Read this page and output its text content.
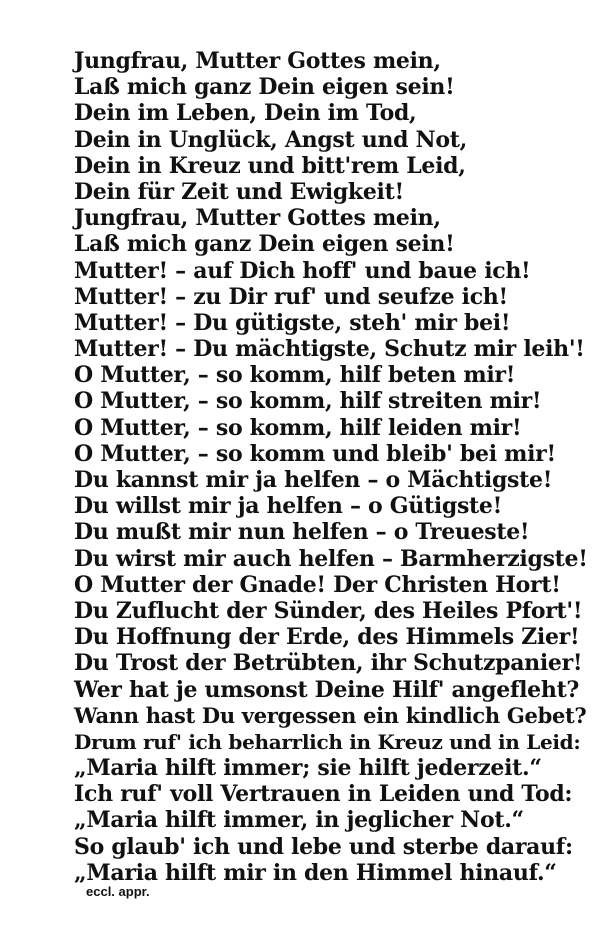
Jungfrau, Mutter Gottes mein,
Laß mich ganz Dein eigen sein!
Dein im Leben, Dein im Tod,
Dein in Unglück, Angst und Not,
Dein in Kreuz und bitt'rem Leid,
Dein für Zeit und Ewigkeit!
Jungfrau, Mutter Gottes mein,
Laß mich ganz Dein eigen sein!
Mutter! – auf Dich hoff' und baue ich!
Mutter! – zu Dir ruf' und seufze ich!
Mutter! – Du gütigste, steh' mir bei!
Mutter! – Du mächtigste, Schutz mir leih'!
O Mutter, – so komm, hilf beten mir!
O Mutter, – so komm, hilf streiten mir!
O Mutter, – so komm, hilf leiden mir!
O Mutter, – so komm und bleib' bei mir!
Du kannst mir ja helfen – o Mächtigste!
Du willst mir ja helfen – o Gütigste!
Du mußt mir nun helfen – o Treueste!
Du wirst mir auch helfen – Barmherzigste!
O Mutter der Gnade! Der Christen Hort!
Du Zuflucht der Sünder, des Heiles Pfort'!
Du Hoffnung der Erde, des Himmels Zier!
Du Trost der Betrübten, ihr Schutzpanier!
Wer hat je umsonst Deine Hilf' angefleht?
Wann hast Du vergessen ein kindlich Gebet?
Drum ruf' ich beharrlich in Kreuz und in Leid:
„Maria hilft immer; sie hilft jederzeit.“
Ich ruf' voll Vertrauen in Leiden und Tod:
„Maria hilft immer, in jeglicher Not.“
So glaub' ich und lebe und sterbe darauf:
„Maria hilft mir in den Himmel hinauf.“
eccl. appr.
